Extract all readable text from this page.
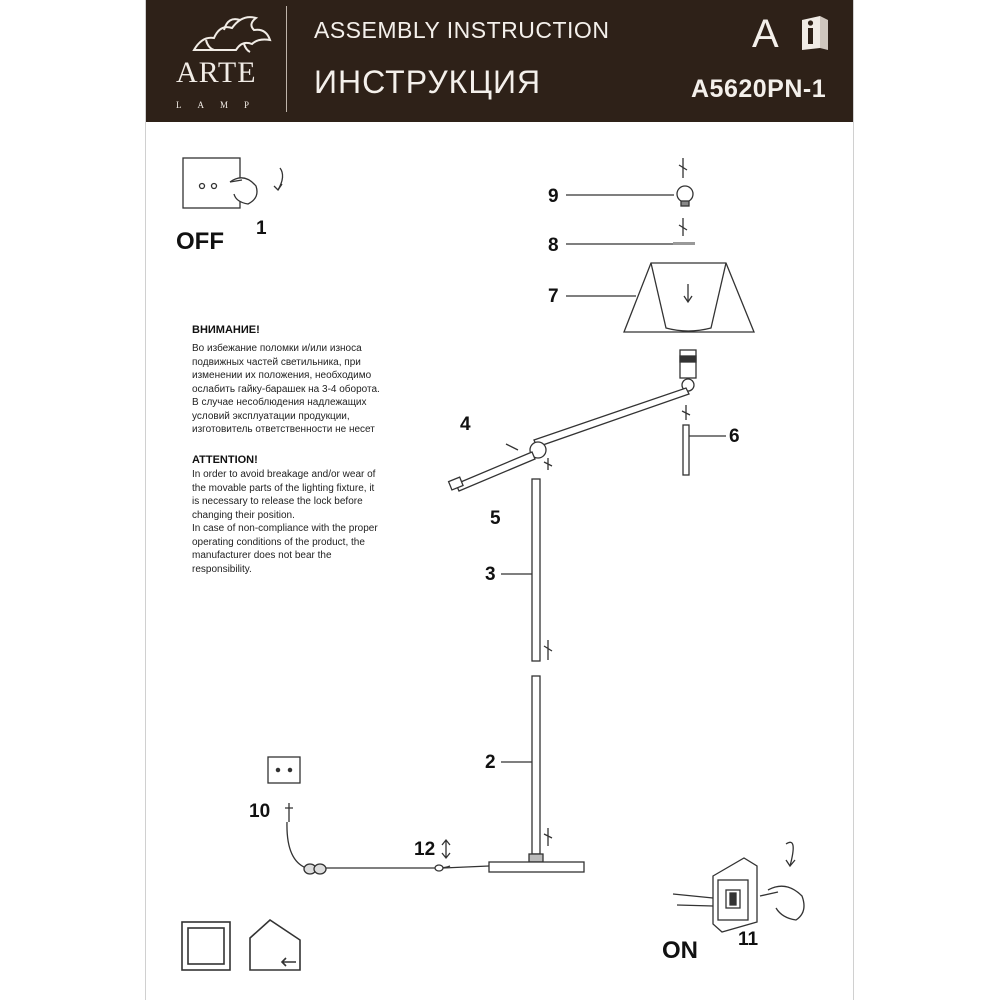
ARTE
LAMP
ASSEMBLY INSTRUCTION
ИНСТРУКЦИЯ
A
A5620PN-1
OFF 1
9
8
7
4
6
5
3
2
10
12
ON 11
ВНИМАНИЕ!
Во избежание поломки и/или износа
подвижных частей светильника, при
изменении их положения, необходимо
ослабить гайку-барашек на 3-4 оборота.
В случае несоблюдения надлежащих
условий эксплуатации продукции,
изготовитель ответственности не несет
ATTENTION!
In order to avoid breakage and/or wear of
the movable parts of the lighting fixture, it
is necessary to release the lock before
changing their position.
In case of non-compliance with the proper
operating conditions of the product, the
manufacturer does not bear the
responsibility.
